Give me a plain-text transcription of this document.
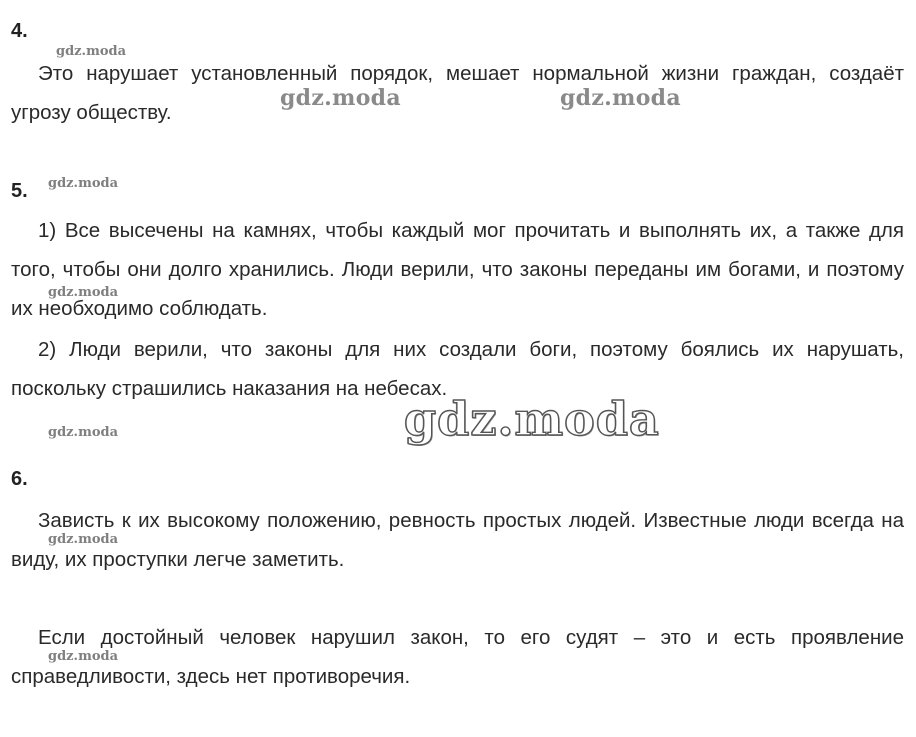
4.

Это нарушает установленный порядок, мешает нормальной жизни граждан, создаёт угрозу обществу.

5.

1) Все высечены на камнях, чтобы каждый мог прочитать и выполнять их, а также для того, чтобы они долго хранились. Люди верили, что законы переданы им богами, и поэтому их необходимо соблюдать.

2) Люди верили, что законы для них создали боги, поэтому боялись их нарушать, поскольку страшились наказания на небесах.

6.

Зависть к их высокому положению, ревность простых людей. Известные люди всегда на виду, их проступки легче заметить.

Если достойный человек нарушил закон, то его судят – это и есть проявление справедливости, здесь нет противоречия.

gdz.moda
gdz.moda	gdz.moda
gdz.moda
gdz.moda
gdz.moda	gdz.moda
gdz.moda
gdz.moda
